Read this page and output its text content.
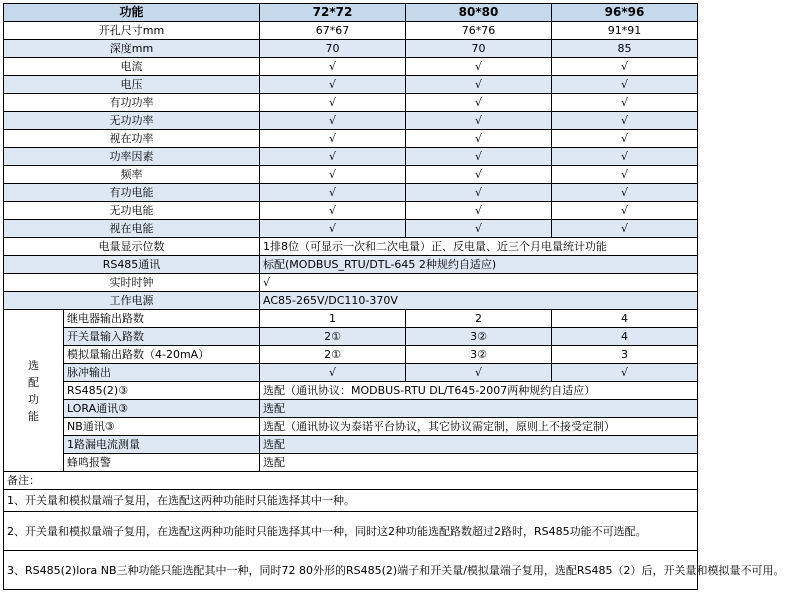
功能		72*72	80*80	96*96
开孔尺寸mm		67*67	76*76	91*91
深度mm		70	70	85
电流		√	√	√
电压		√	√	√
有功功率		√	√	√
无功功率		√	√	√
视在功率		√	√	√
功率因素		√	√	√
频率		√	√	√
有功电能		√	√	√
无功电能		√	√	√
视在电能		√	√	√
电量显示位数		1排8位（可显示一次和二次电量）正、反电量、近三个月电量统计功能		
RS485通讯		标配(MODBUS_RTU/DTL-645 2种规约自适应)		
实时时钟		√		
工作电源		AC85-265V/DC110-370V		
选配功能	继电器输出路数	1	2	4
	开关量输入路数	2①	3②	4
	模拟量输出路数（4-20mA）	2①	3②	3
	脉冲输出	√	√	√
	RS485(2)③	选配（通讯协议：MODBUS-RTU DL/T645-2007两种规约自适应）		
	LORA通讯③	选配		
	NB通讯③	选配（通讯协议为泰诺平台协议，其它协议需定制，原则上不接受定制）		
	1路漏电流测量	选配		
	蜂鸣报警	选配		
备注：				
1、开关量和模拟量端子复用，在选配这两种功能时只能选择其中一种。				
2、开关量和模拟量端子复用，在选配这两种功能时只能选择其中一种，同时这2种功能选配路数超过2路时，RS485功能不可选配。				
3、RS485(2)lora NB三种功能只能选配其中一种，同时72 80外形的RS485(2)端子和开关量/模拟量端子复用，选配RS485（2）后，开关量和模拟量不可用。				
